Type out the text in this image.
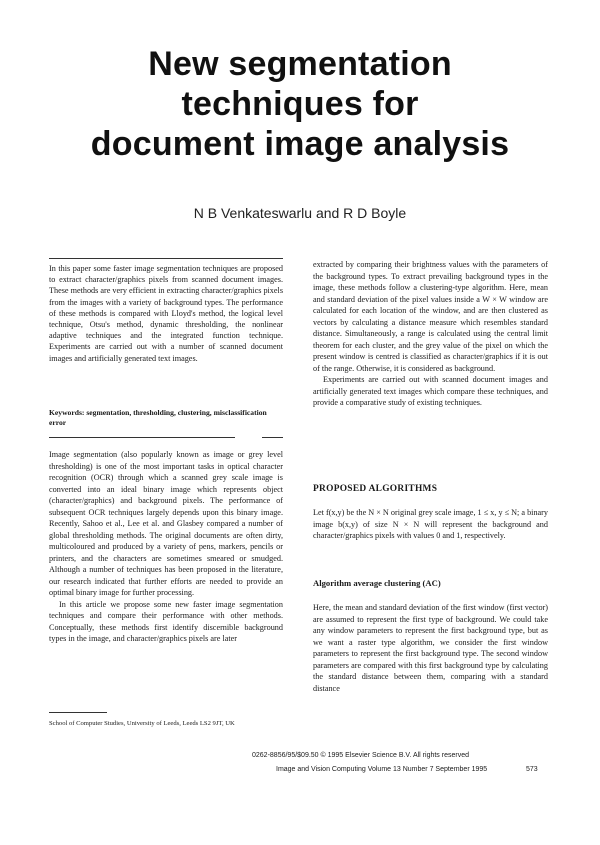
New segmentation
techniques for
document image analysis
N B Venkateswarlu and R D Boyle

In this paper some faster image segmentation techniques are proposed to extract character/graphics pixels from scanned document images. These methods are very efficient in extracting character/graphics pixels from the images with a variety of background types. The performance of these methods is compared with Lloyd's method, the logical level technique, Otsu's method, dynamic thresholding, the nonlinear adaptive techniques and the integrated function technique. Experiments are carried out with a number of scanned document images and artificially generated text images.

Keywords: segmentation, thresholding, clustering, misclassification error

Image segmentation (also popularly known as image or grey level thresholding) is one of the most important tasks in optical character recognition (OCR) through which a scanned grey scale image is converted into an ideal binary image which represents object (character/graphics) and background pixels. The performance of subsequent OCR techniques largely depends upon this binary image. Recently, Sahoo et al., Lee et al. and Glasbey compared a number of global thresholding methods. The original documents are often dirty, multicoloured and produced by a variety of pens, markers, pencils or printers, and the characters are sometimes smeared or smudged. Although a number of techniques has been proposed in the literature, our research indicated that further efforts are needed to provide an optimal binary image for further processing.

In this article we propose some new faster image segmentation techniques and compare their performance with other methods. Conceptually, these methods first identify discernible background types in the image, and character/graphics pixels are later

School of Computer Studies, University of Leeds, Leeds LS2 9JT, UK

extracted by comparing their brightness values with the parameters of the background types. To extract prevailing background types in the image, these methods follow a clustering-type algorithm. Here, mean and standard deviation of the pixel values inside a W × W window are calculated for each location of the window, and are then clustered as vectors by calculating a distance measure which resembles standard distance. Simultaneously, a range is calculated using the central limit theorem for each cluster, and the grey value of the pixel on which the present window is centred is classified as character/graphics if it is out of the range. Otherwise, it is considered as background.

Experiments are carried out with scanned document images and artificially generated text images which compare these techniques, and provide a comparative study of existing techniques.

PROPOSED ALGORITHMS

Let f(x,y) be the N × N original grey scale image, 1 ≤ x, y ≤ N; a binary image b(x,y) of size N × N will represent the background and character/graphics pixels with values 0 and 1, respectively.

Algorithm average clustering (AC)

Here, the mean and standard deviation of the first window (first vector) are assumed to represent the first type of background. We could take any window parameters to represent the first background type, but as we want a raster type algorithm, we consider the first window parameters to represent the first background type. The second window parameters are compared with this first background type by calculating the standard distance between them, comparing with a standard distance

0262-8856/95/$09.50 © 1995 Elsevier Science B.V. All rights reserved
Image and Vision Computing Volume 13 Number 7 September 1995	573
